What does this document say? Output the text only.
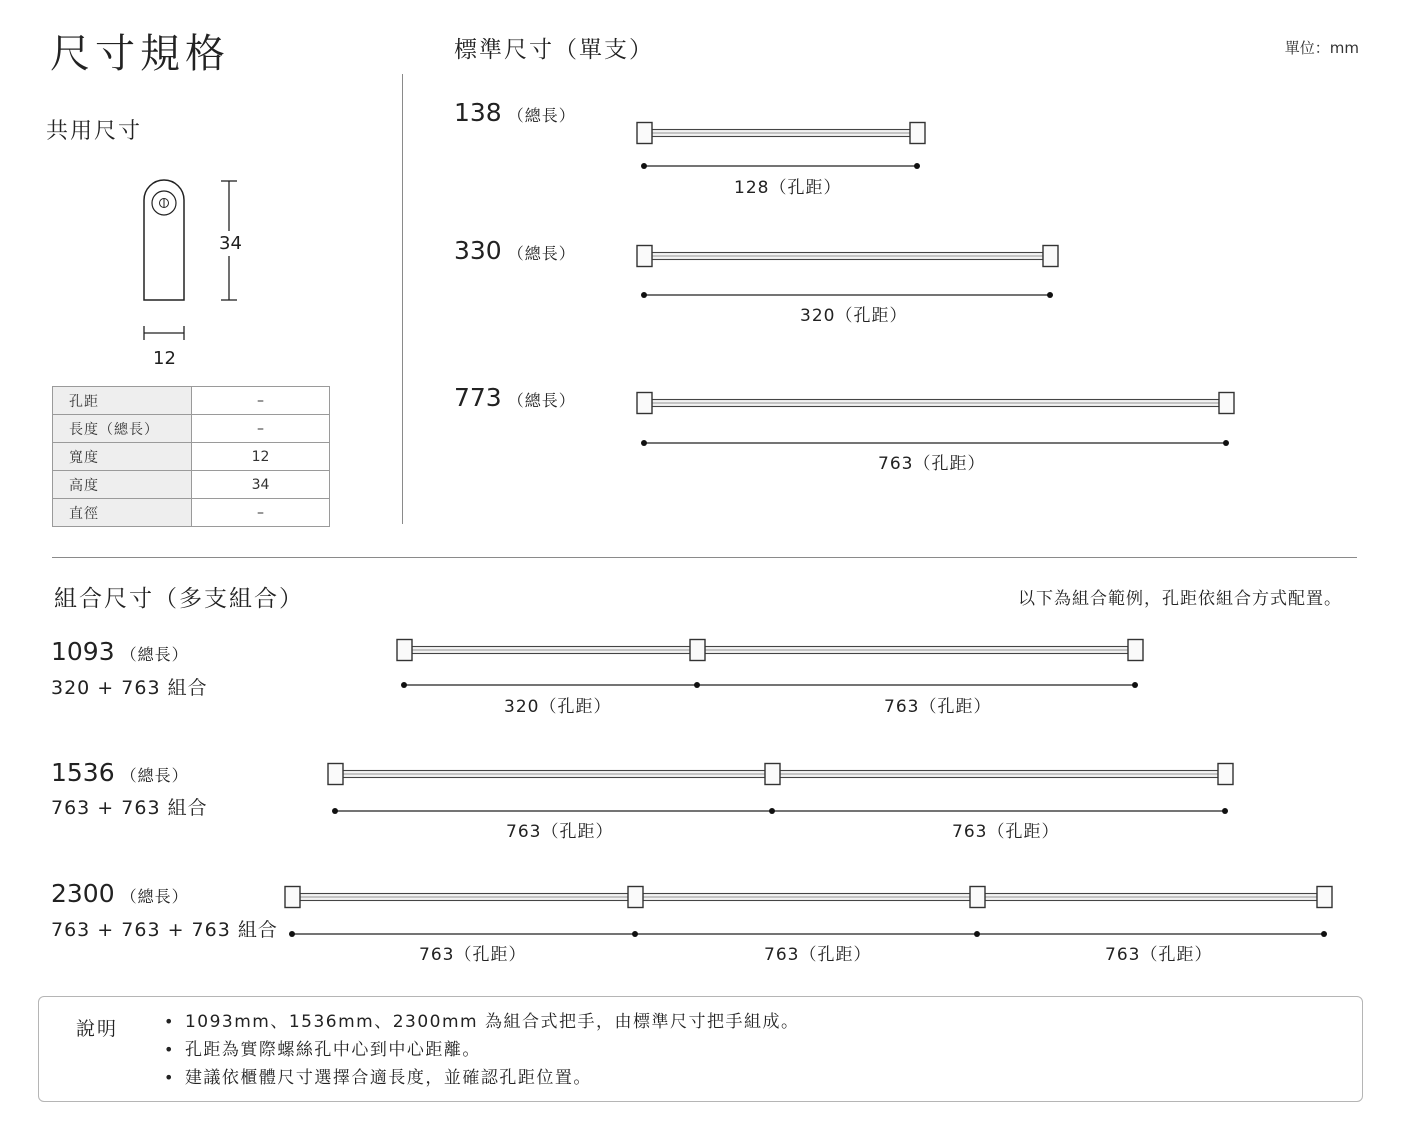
尺寸規格	標準尺寸（單支）	單位：mm
共用尺寸
34
12
孔距	–
長度（總長）	–
寬度	12
高度	34
直徑	–
138 （總長）
128（孔距）
330 （總長）
320（孔距）
773 （總長）
763（孔距）
組合尺寸（多支組合）	以下為組合範例，孔距依組合方式配置。
1093 （總長）
320 + 763 組合
320（孔距）	763（孔距）
1536 （總長）
763 + 763 組合
763（孔距）	763（孔距）
2300 （總長）
763 + 763 + 763 組合
763（孔距）	763（孔距）	763（孔距）
說明	• 1093mm、1536mm、2300mm 為組合式把手，由標準尺寸把手組成。
• 孔距為實際螺絲孔中心到中心距離。
• 建議依櫃體尺寸選擇合適長度，並確認孔距位置。
